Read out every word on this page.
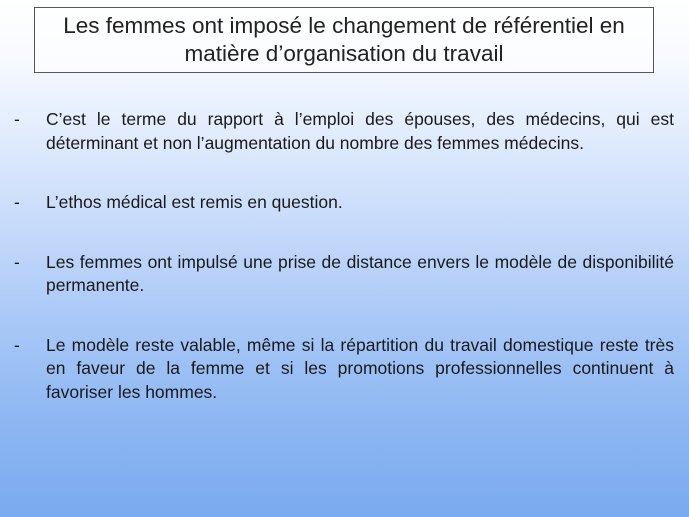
Les femmes ont imposé le changement de référentiel en matière d’organisation du travail
-	C’est le terme du rapport à l’emploi des épouses, des médecins, qui est déterminant et non l’augmentation du nombre des femmes médecins.
-	L’ethos médical est remis en question.
-	Les femmes ont impulsé une prise de distance envers le modèle de disponibilité permanente.
-	Le modèle reste valable, même si la répartition du travail domestique reste très en faveur de la femme et si les promotions professionnelles continuent à favoriser les hommes.
